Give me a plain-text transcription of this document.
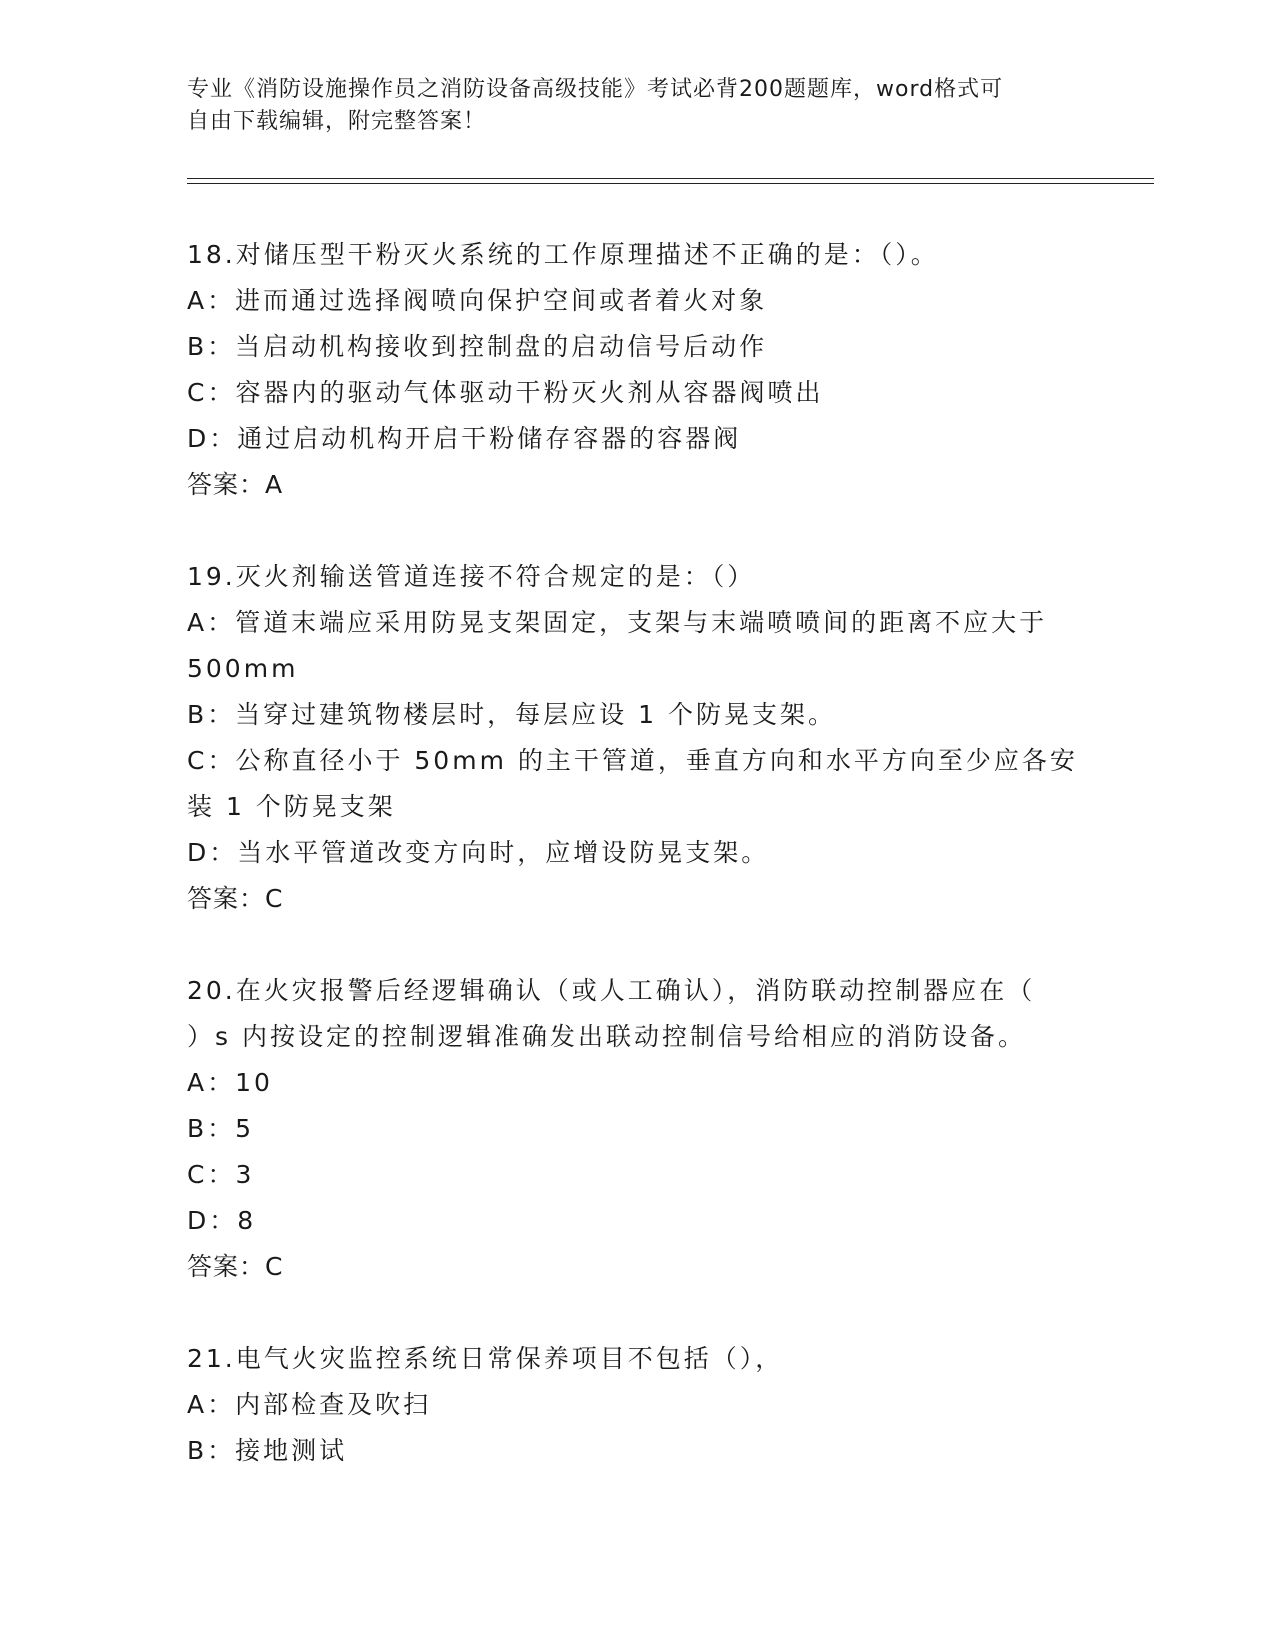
专业《消防设施操作员之消防设备高级技能》考试必背200题题库，word格式可
自由下载编辑，附完整答案！
18.对储压型干粉灭火系统的工作原理描述不正确的是：（）。
A：进而通过选择阀喷向保护空间或者着火对象
B：当启动机构接收到控制盘的启动信号后动作
C：容器内的驱动气体驱动干粉灭火剂从容器阀喷出
D：通过启动机构开启干粉储存容器的容器阀
答案：A
19.灭火剂输送管道连接不符合规定的是：（）
A：管道末端应采用防晃支架固定，支架与末端喷喷间的距离不应大于
500mm
B：当穿过建筑物楼层时，每层应设 1 个防晃支架。
C：公称直径小于 50mm 的主干管道，垂直方向和水平方向至少应各安
装 1 个防晃支架
D：当水平管道改变方向时，应增设防晃支架。
答案：C
20.在火灾报警后经逻辑确认（或人工确认），消防联动控制器应在（
）s 内按设定的控制逻辑准确发出联动控制信号给相应的消防设备。
A：10
B：5
C：3
D：8
答案：C
21.电气火灾监控系统日常保养项目不包括（），
A：内部检查及吹扫
B：接地测试
